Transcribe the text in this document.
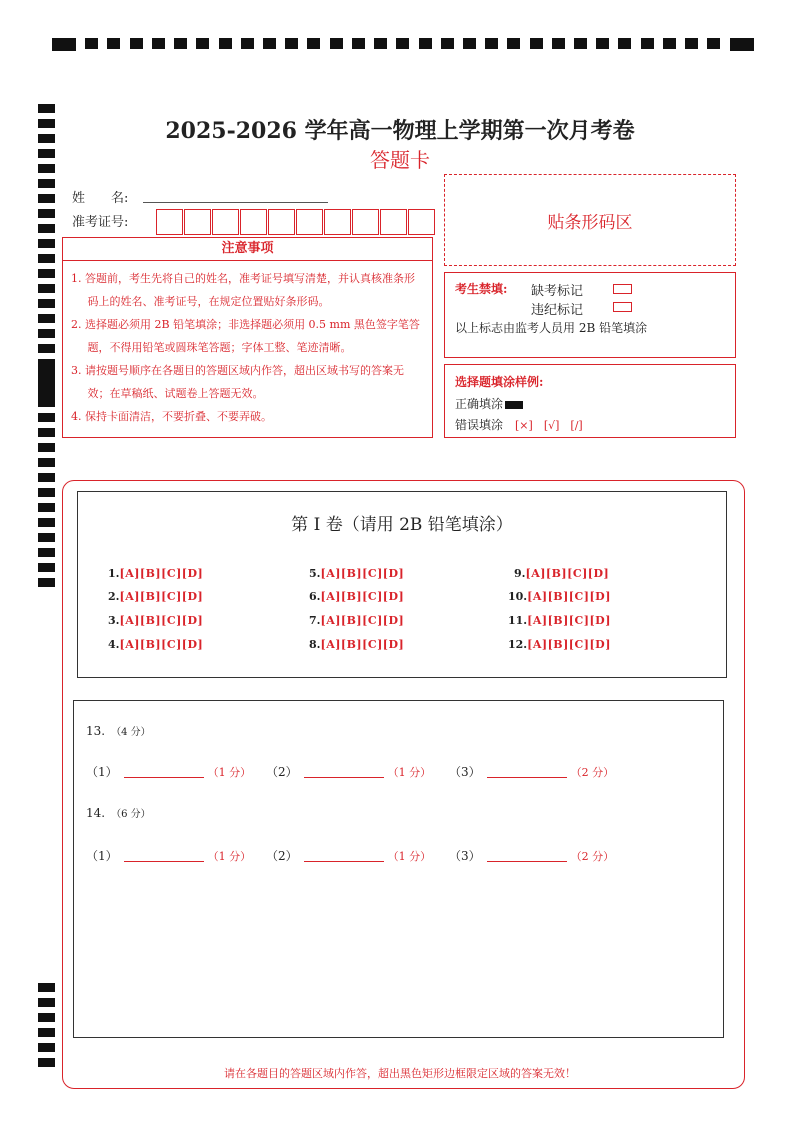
2025-2026 学年高一物理上学期第一次月考卷
答题卡
姓　　名:
准考证号:	贴条形码区
注意事项

1. 答题前，考生先将自己的姓名，准考证号填写清楚，并认真核准条形码上的姓名、准考证号，在规定位置贴好条形码。

2. 选择题必须用 2B 铅笔填涂；非选择题必须用 0.5 mm 黑色签字笔答题，不得用铅笔或圆珠笔答题；字体工整、笔迹清晰。

3. 请按题号顺序在各题目的答题区域内作答，超出区域书写的答案无效；在草稿纸、试题卷上答题无效。

4. 保持卡面清洁，不要折叠、不要弄破。

考生禁填: 缺考标记
违纪标记
以上标志由监考人员用 2B 铅笔填涂
选择题填涂样例:
正确填涂
错误填涂 [×]　[√]　[/]
第 I 卷（请用 2B 铅笔填涂）
1.[A][B][C][D]
2.[A][B][C][D]
3.[A][B][C][D]
4.[A][B][C][D]
5.[A][B][C][D]
6.[A][B][C][D]
7.[A][B][C][D]
8.[A][B][C][D]
9.[A][B][C][D]
10.[A][B][C][D]
11.[A][B][C][D]
12.[A][B][C][D]
13. （4 分）
（1）	（1 分） （2）	（1 分） （3）	（2 分）
14. （6 分）
（1）	（1 分） （2）	（1 分） （3）	（2 分）
请在各题目的答题区域内作答，超出黑色矩形边框限定区域的答案无效！
